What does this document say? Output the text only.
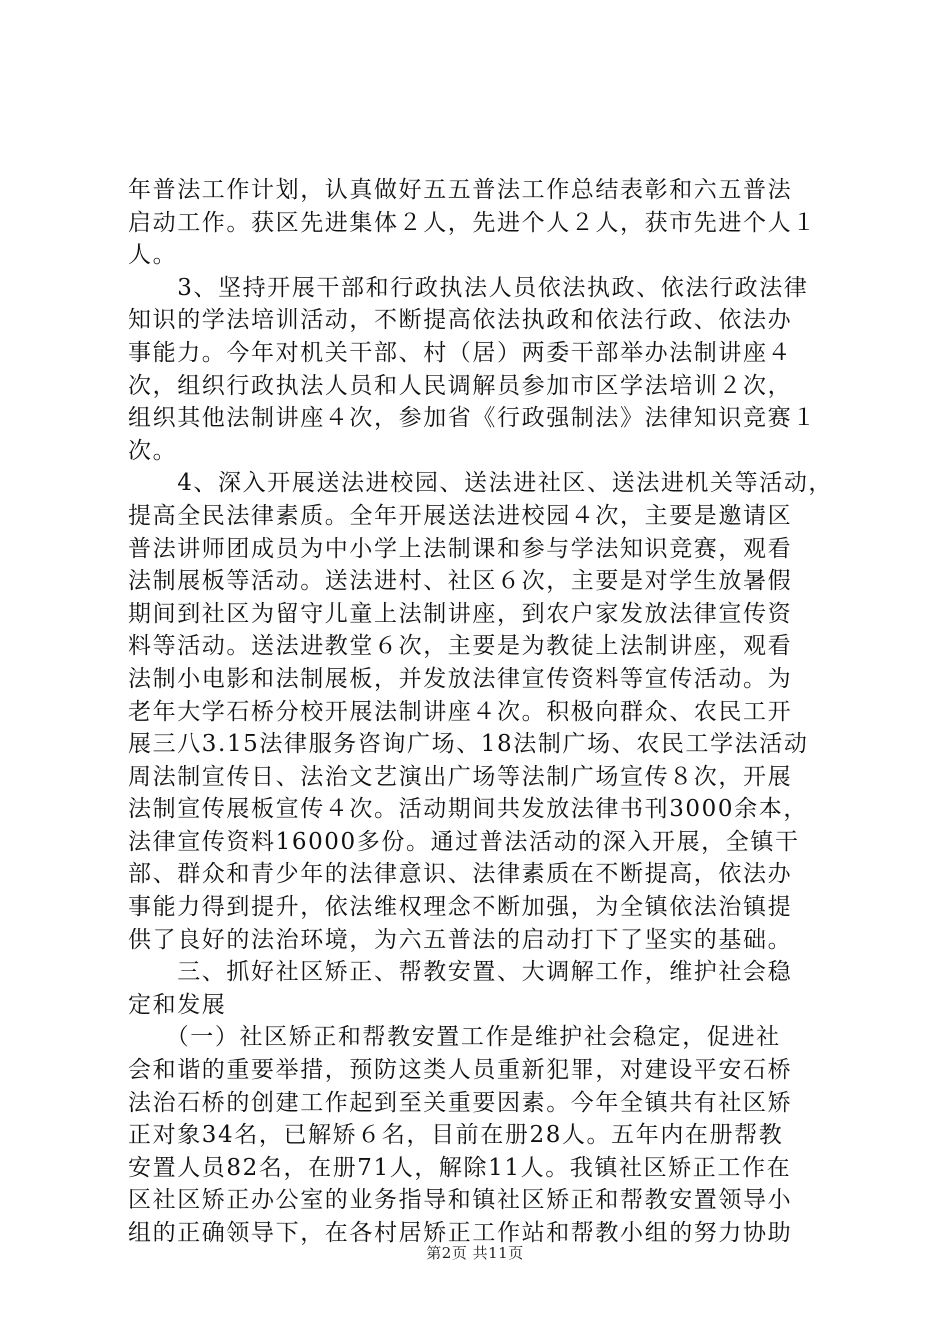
年普法工作计划，认真做好五五普法工作总结表彰和六五普法
启动工作。获区先进集体２人，先进个人２人，获市先进个人１
人。
　　3、坚持开展干部和行政执法人员依法执政、依法行政法律
知识的学法培训活动，不断提高依法执政和依法行政、依法办
事能力。今年对机关干部、村（居）两委干部举办法制讲座４
次，组织行政执法人员和人民调解员参加市区学法培训２次，
组织其他法制讲座４次，参加省《行政强制法》法律知识竞赛１
次。
　　4、深入开展送法进校园、送法进社区、送法进机关等活动，
提高全民法律素质。全年开展送法进校园４次，主要是邀请区
普法讲师团成员为中小学上法制课和参与学法知识竞赛，观看
法制展板等活动。送法进村、社区６次，主要是对学生放暑假
期间到社区为留守儿童上法制讲座，到农户家发放法律宣传资
料等活动。送法进教堂６次，主要是为教徒上法制讲座，观看
法制小电影和法制展板，并发放法律宣传资料等宣传活动。为
老年大学石桥分校开展法制讲座４次。积极向群众、农民工开
展三八3.15法律服务咨询广场、18法制广场、农民工学法活动
周法制宣传日、法治文艺演出广场等法制广场宣传８次，开展
法制宣传展板宣传４次。活动期间共发放法律书刊3000余本，
法律宣传资料16000多份。通过普法活动的深入开展，全镇干
部、群众和青少年的法律意识、法律素质在不断提高，依法办
事能力得到提升，依法维权理念不断加强，为全镇依法治镇提
供了良好的法治环境，为六五普法的启动打下了坚实的基础。
　　三、抓好社区矫正、帮教安置、大调解工作，维护社会稳
定和发展
　　（一）社区矫正和帮教安置工作是维护社会稳定，促进社
会和谐的重要举措，预防这类人员重新犯罪，对建设平安石桥
法治石桥的创建工作起到至关重要因素。今年全镇共有社区矫
正对象34名，已解矫６名，目前在册28人。五年内在册帮教
安置人员82名，在册71人，解除11人。我镇社区矫正工作在
区社区矫正办公室的业务指导和镇社区矫正和帮教安置领导小
组的正确领导下，在各村居矫正工作站和帮教小组的努力协助
第2页 共11页
